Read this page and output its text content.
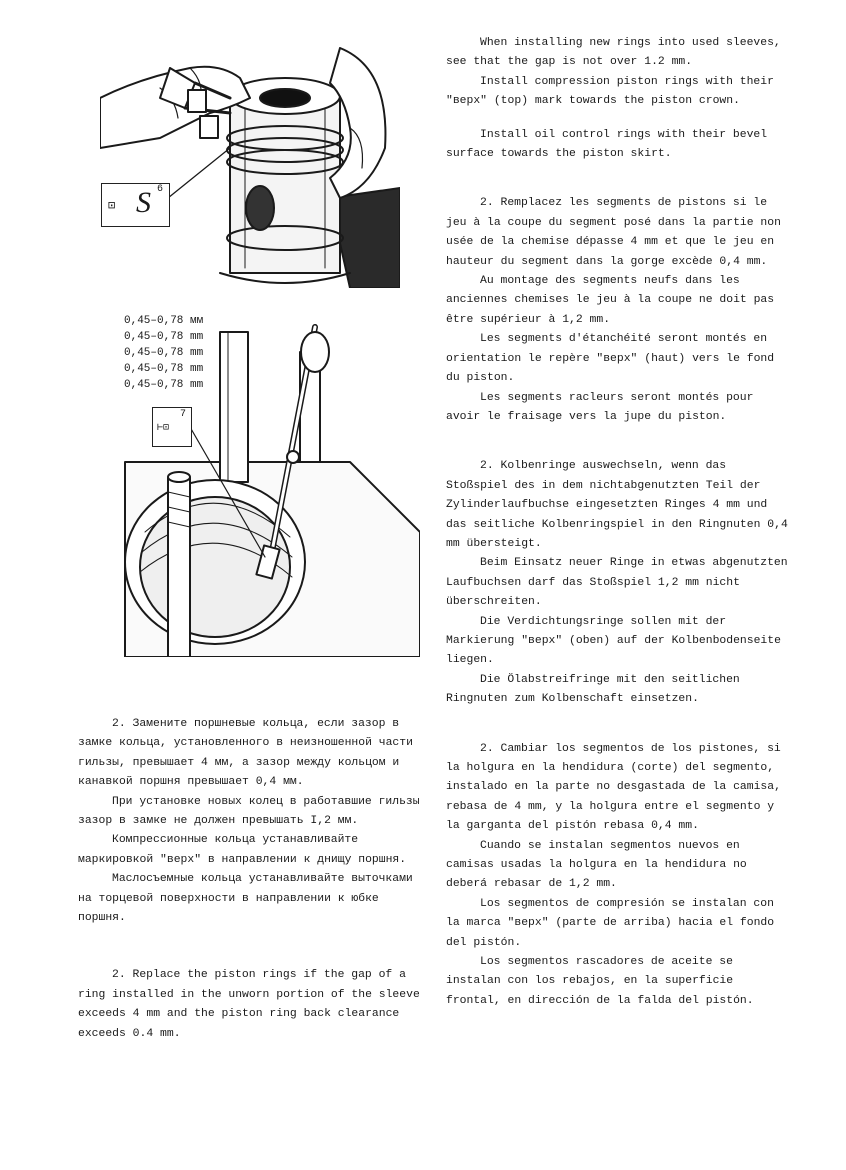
⊡ S 6
0,45–0,78 мм
0,45–0,78 mm
0,45–0,78 mm
0,45–0,78 mm
0,45–0,78 mm
⊢⊡
7

2. Замените поршневые кольца, если зазор в замке кольца, установленного в неизношенной части гильзы, превышает 4 мм, а зазор между кольцом и канавкой поршня превышает 0,4 мм.

При установке новых колец в работавшие гильзы зазор в замке не должен превышать I,2 мм.

Компрессионные кольца устанавливайте маркировкой "верх" в направлении к днищу поршня.

Маслосъемные кольца устанавливайте выточками на торцевой поверхности в направлении к юбке поршня.

2. Replace the piston rings if the gap of a ring installed in the unworn portion of the sleeve exceeds 4 mm and the piston ring back clearance exceeds 0.4 mm.

When installing new rings into used sleeves, see that the gap is not over 1.2 mm.

Install compression piston rings with their "верх" (top) mark towards the piston crown.

Install oil control rings with their bevel surface towards the piston skirt.

2. Remplacez les segments de pistons si le jeu à la coupe du segment posé dans la partie non usée de la chemise dépasse 4 mm et que le jeu en hauteur du segment dans la gorge excède 0,4 mm.

Au montage des segments neufs dans les anciennes chemises le jeu à la coupe ne doit pas être supérieur à 1,2 mm.

Les segments d'étanchéité seront montés en orientation le repère "верх" (haut) vers le fond du piston.

Les segments racleurs seront montés pour avoir le fraisage vers la jupe du piston.

2. Kolbenringe auswechseln, wenn das Stoßspiel des in dem nichtabgenutzten Teil der Zylinderlaufbuchse eingesetzten Ringes 4 mm und das seitliche Kolbenringspiel in den Ringnuten 0,4 mm übersteigt.

Beim Einsatz neuer Ringe in etwas abgenutzten Laufbuchsen darf das Stoßspiel 1,2 mm nicht überschreiten.

Die Verdichtungsringe sollen mit der Markierung "верх" (oben) auf der Kolbenbodenseite liegen.

Die Ölabstreifringe mit den seitlichen Ringnuten zum Kolbenschaft einsetzen.

2. Cambiar los segmentos de los pistones, si la holgura en la hendidura (corte) del segmento, instalado en la parte no desgastada de la camisa, rebasa de 4 mm, y la holgura entre el segmento y la garganta del pistón rebasa 0,4 mm.

Cuando se instalan segmentos nuevos en camisas usadas la holgura en la hendidura no deberá rebasar de 1,2 mm.

Los segmentos de compresión se instalan con la marca "верх" (parte de arriba) hacia el fondo del pistón.

Los segmentos rascadores de aceite se instalan con los rebajos, en la superficie frontal, en dirección de la falda del pistón.
